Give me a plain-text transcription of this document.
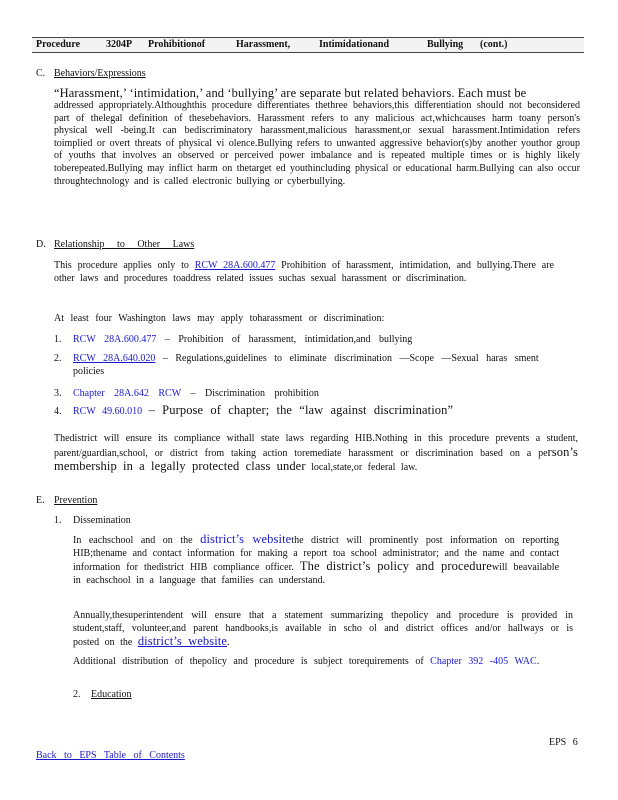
Procedure	3204P Prohibitionof	Harassment,	Intimidationand	Bullying (cont.)
C. Behaviors/Expressions
“Harassment,’ ‘intimidation,’ and ‘bullying’ are separate but related behaviors. Each must be
addressed appropriately.Althoughthis procedure differentiates thethree behaviors,this differentiation should not beconsidered part of thelegal definition of thesebehaviors. Harassment refers to any malicious act,whichcauses harm toany person's physical well -being.It can bediscriminatory harassment,malicious harassment,or sexual harassment.Intimidation refers toimplied or overt threats of physical vi olence.Bullying refers to unwanted aggressive behavior(s)by another youthor group of youths that involves an observed or perceived power imbalance and is repeated multiple times or is highly likely toberepeated.Bullying may inflict harm on thetarget ed youthincluding physical or educational harm.Bullying can also occur throughtechnology and is called electronic bullying or cyberbullying.
D. Relationship to Other Laws
This procedure applies only to RCW 28A.600.477 Prohibition of harassment, intimidation, and bullying.There are other laws and procedures toaddress related issues suchas sexual harassment or discrimination.
At least four Washington laws may apply toharassment or discrimination:
1. RCW 28A.600.477 – Prohibition of harassment, intimidation,and bullying
2. RCW 28A.640.020 – Regulations,guidelines to eliminate discrimination —Scope —Sexual haras sment policies
3. Chapter 28A.642 RCW – Discrimination prohibition
4. RCW 49.60.010 – Purpose of chapter; the “law against discrimination”
Thedistrict will ensure its compliance withall state laws regarding HIB.Nothing in this procedure prevents a student, parent/guardian,school, or district from taking action toremediate harassment or discrimination based on a person’s membership in a legally protected class under local,state,or federal law.
E. Prevention
1. Dissemination
In eachschool and on the district’s websitethe district will prominently post information on reporting HIB;thename and contact information for making a report toa school administrator; and the name and contact information for thedistrict HIB compliance officer. The district’s policy and procedurewill beavailable in eachschool in a language that families can understand.
Annually,thesuperintendent will ensure that a statement summarizing thepolicy and procedure is provided in student,staff, volunteer,and parent handbooks,is available in scho ol and district offices and/or hallways or is posted on the district’s website.
Additional distribution of thepolicy and procedure is subject torequirements of Chapter 392 -405 WAC.
2. Education
EPS 6
Back to EPS Table of Contents
